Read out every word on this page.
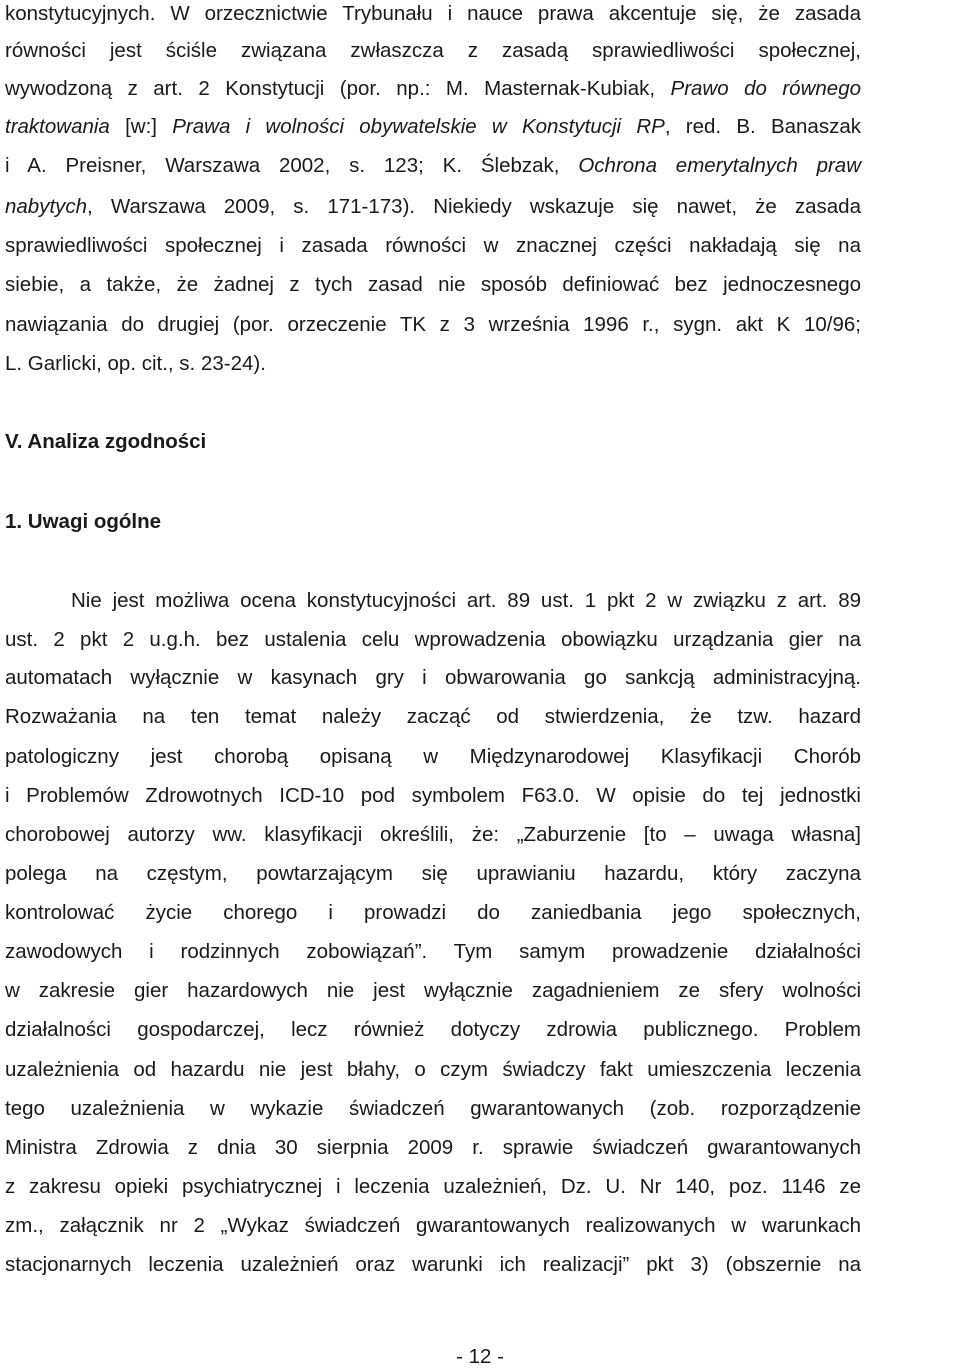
konstytucyjnych. W orzecznictwie Trybunału i nauce prawa akcentuje się, że zasada
równości jest ściśle związana zwłaszcza z zasadą sprawiedliwości społecznej,
wywodzoną z art. 2 Konstytucji (por. np.: M. Masternak-Kubiak, Prawo do równego
traktowania [w:] Prawa i wolności obywatelskie w Konstytucji RP, red. B. Banaszak
i A. Preisner, Warszawa 2002, s. 123; K. Ślebzak, Ochrona emerytalnych praw
nabytych, Warszawa 2009, s. 171-173). Niekiedy wskazuje się nawet, że zasada
sprawiedliwości społecznej i zasada równości w znacznej części nakładają się na
siebie, a także, że żadnej z tych zasad nie sposób definiować bez jednoczesnego
nawiązania do drugiej (por. orzeczenie TK z 3 września 1996 r., sygn. akt K 10/96;
L. Garlicki, op. cit., s. 23-24).
V. Analiza zgodności
1. Uwagi ogólne
Nie jest możliwa ocena konstytucyjności art. 89 ust. 1 pkt 2 w związku z art. 89
ust. 2 pkt 2 u.g.h. bez ustalenia celu wprowadzenia obowiązku urządzania gier na
automatach wyłącznie w kasynach gry i obwarowania go sankcją administracyjną.
Rozważania na ten temat należy zacząć od stwierdzenia, że tzw. hazard
patologiczny jest chorobą opisaną w Międzynarodowej Klasyfikacji Chorób
i Problemów Zdrowotnych ICD-10 pod symbolem F63.0. W opisie do tej jednostki
chorobowej autorzy ww. klasyfikacji określili, że: „Zaburzenie [to – uwaga własna]
polega na częstym, powtarzającym się uprawianiu hazardu, który zaczyna
kontrolować życie chorego i prowadzi do zaniedbania jego społecznych,
zawodowych i rodzinnych zobowiązań”. Tym samym prowadzenie działalności
w zakresie gier hazardowych nie jest wyłącznie zagadnieniem ze sfery wolności
działalności gospodarczej, lecz również dotyczy zdrowia publicznego. Problem
uzależnienia od hazardu nie jest błahy, o czym świadczy fakt umieszczenia leczenia
tego uzależnienia w wykazie świadczeń gwarantowanych (zob. rozporządzenie
Ministra Zdrowia z dnia 30 sierpnia 2009 r. sprawie świadczeń gwarantowanych
z zakresu opieki psychiatrycznej i leczenia uzależnień, Dz. U. Nr 140, poz. 1146 ze
zm., załącznik nr 2 „Wykaz świadczeń gwarantowanych realizowanych w warunkach
stacjonarnych leczenia uzależnień oraz warunki ich realizacji” pkt 3) (obszernie na
- 12 -
